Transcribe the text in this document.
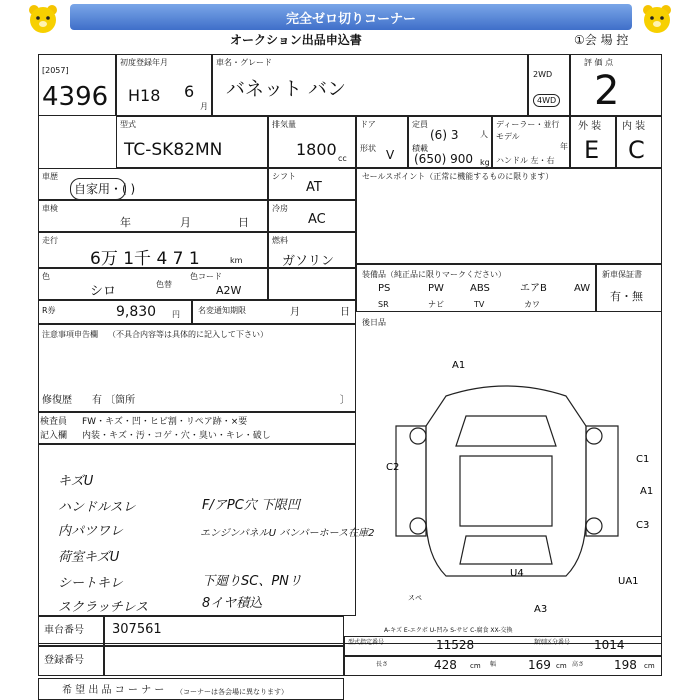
完全ゼロ切りコーナー
オークション出品申込書	①会 場 控
[2057]
4396
初度登録年月
H18 6
月
車名・グレード
バネット バン
2WD
4WD
評 価 点
2
型式
TC-SK82MN
排気量
1800 cc
ドア
形状 V
定員
(6) 3	人
積載
(650) 900 kg
ディーラー・並行
モデル
年
ハンドル 左・右
外 装 内 装
E C
車歴
自家用・( )
シフト
AT
セールスポイント（正常に機能するものに限ります）
車検
年	月	日
冷房
AC
走行
6万 1千 4 7 1	km
燃料
ガソリン
色
シロ	色替
色コード
A2W
装備品（純正品に限りマークください）
PS	PW	ABS	エアB	AW
SR	ナビ	TV	カワ
新車保証書
有・無
R券	9,830 円 名変通知期限	月	日
後日品
注意事項申告欄 （不具合内容等は具体的に記入して下さい）
修復歴 有 〔箇所	〕
検査員
記入欄
FW・キズ・凹・ヒビ割・リペア跡・×要
内装・キズ・汚・コゲ・穴・臭い・キレ・破し
キズU
ハンドルスレ
内パツワレ
荷室キズU
シートキレ
スクラッチレス
F/アPC穴 下限凹
エンジンパネルU バンパーホース在庫2
下廻りSC、PNリ
8イヤ積込
A1
C2
C1
A1
C3
U4
UA1
A3
スペ
A-キズ E-エクボ U-凹み S-サビ C-腐食 XX-交換
車台番号 307561
登録番号
型式指定番号	11528	類別区分番号 1014
長さ	428 cm 幅	169 cm 高さ 198 cm
希 望 出 品 コ ー ナ ー （コーナーは各会場に異なります）
